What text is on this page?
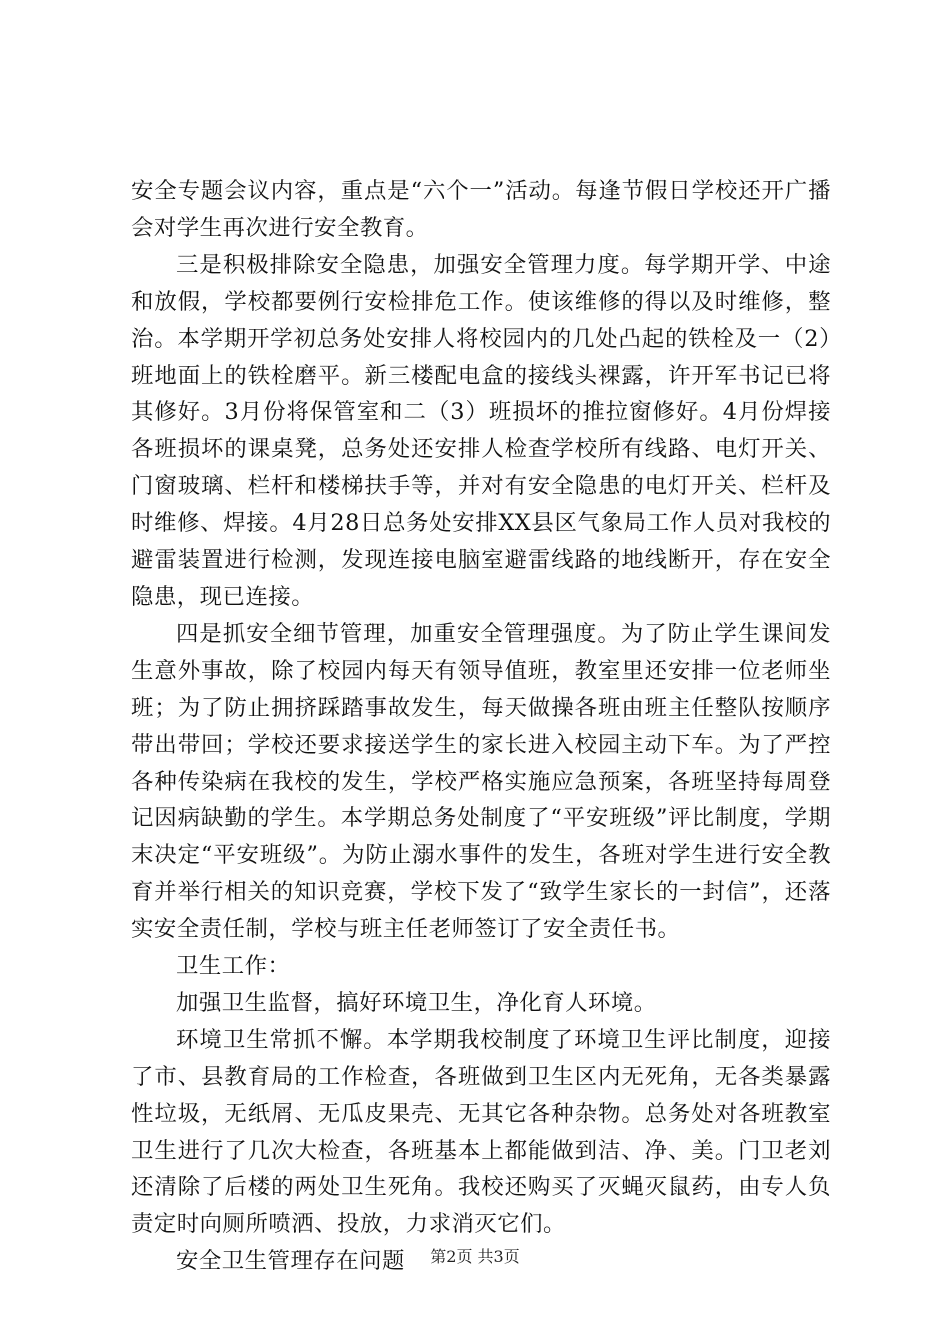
安全专题会议内容，重点是“六个一”活动。每逢节假日学校还开广播会对学生再次进行安全教育。

三是积极排除安全隐患，加强安全管理力度。每学期开学、中途和放假，学校都要例行安检排危工作。使该维修的得以及时维修，整治。本学期开学初总务处安排人将校园内的几处凸起的铁栓及一（2）班地面上的铁栓磨平。新三楼配电盒的接线头裸露，许开军书记已将其修好。3月份将保管室和二（3）班损坏的推拉窗修好。4月份焊接各班损坏的课桌凳，总务处还安排人检查学校所有线路、电灯开关、门窗玻璃、栏杆和楼梯扶手等，并对有安全隐患的电灯开关、栏杆及时维修、焊接。4月28日总务处安排XX县区气象局工作人员对我校的避雷装置进行检测，发现连接电脑室避雷线路的地线断开，存在安全隐患，现已连接。

四是抓安全细节管理，加重安全管理强度。为了防止学生课间发生意外事故，除了校园内每天有领导值班，教室里还安排一位老师坐班；为了防止拥挤踩踏事故发生，每天做操各班由班主任整队按顺序带出带回；学校还要求接送学生的家长进入校园主动下车。为了严控各种传染病在我校的发生，学校严格实施应急预案，各班坚持每周登记因病缺勤的学生。本学期总务处制度了“平安班级”评比制度，学期末决定“平安班级”。为防止溺水事件的发生，各班对学生进行安全教育并举行相关的知识竞赛，学校下发了“致学生家长的一封信”，还落实安全责任制，学校与班主任老师签订了安全责任书。

卫生工作：

加强卫生监督，搞好环境卫生，净化育人环境。

环境卫生常抓不懈。本学期我校制度了环境卫生评比制度，迎接了市、县教育局的工作检查，各班做到卫生区内无死角，无各类暴露性垃圾，无纸屑、无瓜皮果壳、无其它各种杂物。总务处对各班教室卫生进行了几次大检查，各班基本上都能做到洁、净、美。门卫老刘还清除了后楼的两处卫生死角。我校还购买了灭蝇灭鼠药，由专人负责定时向厕所喷洒、投放，力求消灭它们。

安全卫生管理存在问题	第2页 共3页
